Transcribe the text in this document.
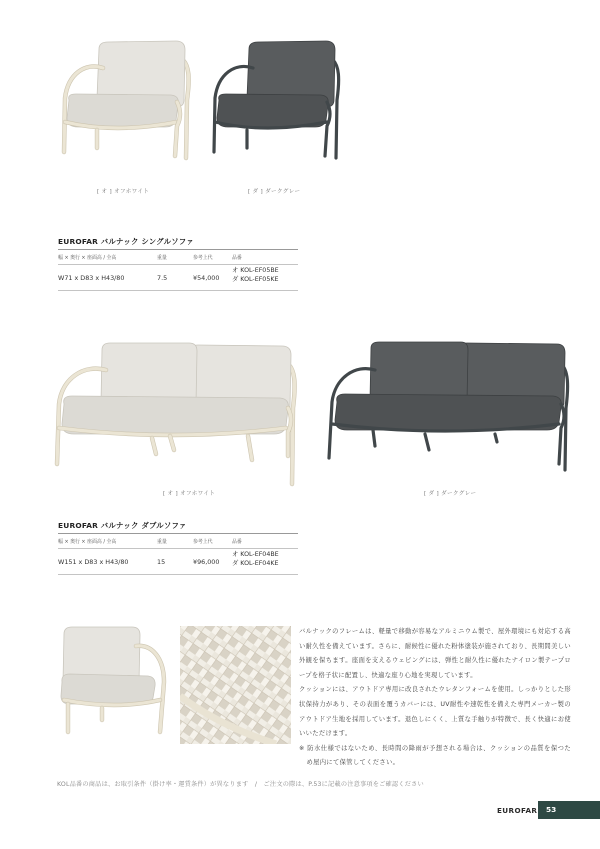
[ オ ] オフホワイト	[ ダ ] ダークグレー
EUROFAR バルナック シングルソファ
幅 × 奥行 × 座面高 / 全高	重量	参考上代	品番
W71 x D83 x H43/80	7.5	¥54,000
オ KOL-EF05BE
ダ KOL-EF05KE
[ オ ] オフホワイト	[ ダ ] ダークグレー
EUROFAR バルナック ダブルソファ
幅 × 奥行 × 座面高 / 全高	重量	参考上代	品番
W151 x D83 x H43/80	15	¥96,000
オ KOL-EF04BE
ダ KOL-EF04KE

バルナックのフレームは、軽量で移動が容易なアルミニウム製で、屋外環境にも対応する高い耐久性を備えています。さらに、耐候性に優れた粉体塗装が施されており、長期間美しい外観を保ちます。座面を支えるウェビングには、弾性と耐久性に優れたナイロン製テープロープを格子状に配置し、快適な座り心地を実現しています。

クッションには、アウトドア専用に改良されたウレタンフォームを使用。しっかりとした形状保持力があり、その表面を覆うカバーには、UV耐性や速乾性を備えた専門メーカー製のアウトドア生地を採用しています。退色しにくく、上質な手触りが特徴で、長く快適にお使いいただけます。

※ 防水仕様ではないため、長時間の降雨が予想される場合は、クッションの品質を保つため屋内にて保管してください。

KOL品番の商品は、お取引条件（掛け率・運賃条件）が異なります　/　ご注文の際は、P.53に記載の注意事項をご確認ください
EUROFAR 53
